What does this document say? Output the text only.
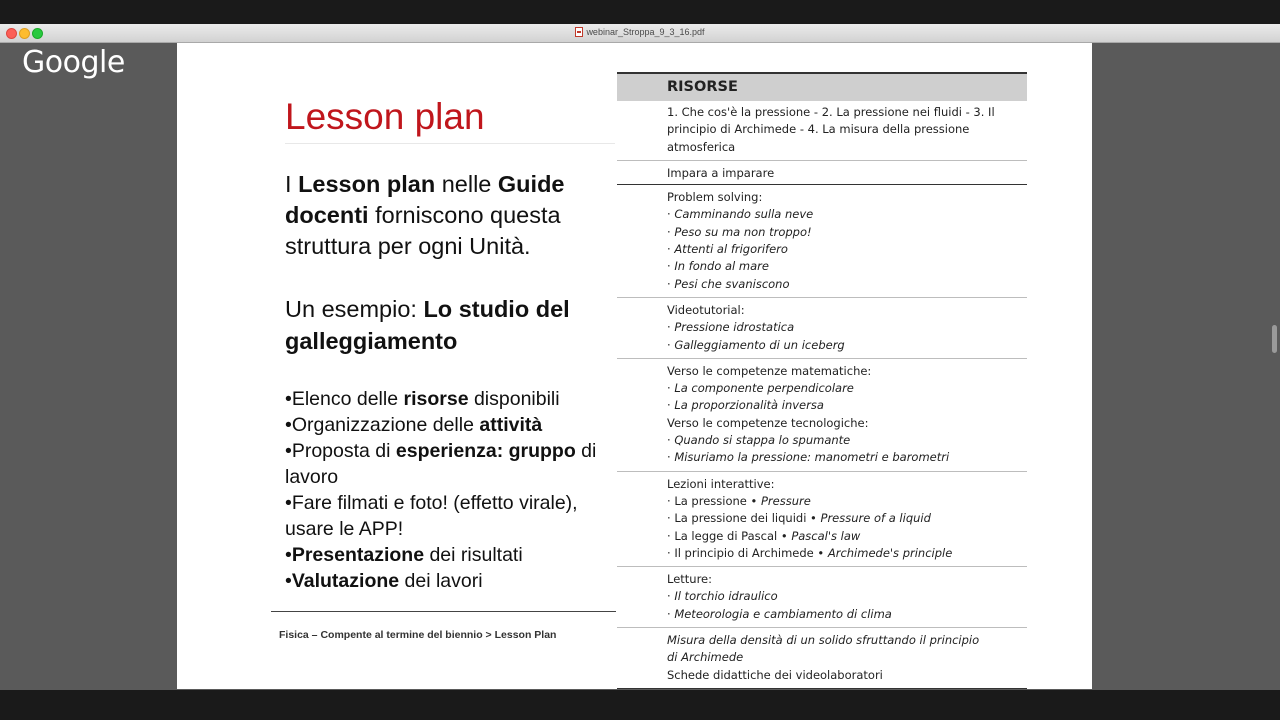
webinar_Stroppa_9_3_16.pdf
Google
Lesson plan
I Lesson plan nelle Guide docenti forniscono questa struttura per ogni Unità.
Un esempio: Lo studio del galleggiamento
•Elenco delle risorse disponibili
•Organizzazione delle attività
•Proposta di esperienza: gruppo di lavoro
•Fare filmati e foto! (effetto virale), usare le APP!
•Presentazione dei risultati
•Valutazione dei lavori
Fisica – Compente al termine del biennio > Lesson Plan
RISORSE
1. Che cos'è la pressione - 2. La pressione nei fluidi - 3. Il principio di Archimede - 4. La misura della pressione atmosferica
Impara a imparare
Problem solving:
· Camminando sulla neve
· Peso su ma non troppo!
· Attenti al frigorifero
· In fondo al mare
· Pesi che svaniscono
Videotutorial:
· Pressione idrostatica
· Galleggiamento di un iceberg
Verso le competenze matematiche:
· La componente perpendicolare
· La proporzionalità inversa
Verso le competenze tecnologiche:
· Quando si stappa lo spumante
· Misuriamo la pressione: manometri e barometri
Lezioni interattive:
· La pressione • Pressure
· La pressione dei liquidi • Pressure of a liquid
· La legge di Pascal • Pascal's law
· Il principio di Archimede • Archimede's principle
Letture:
· Il torchio idraulico
· Meteorologia e cambiamento di clima
Misura della densità di un solido sfruttando il principio di Archimede
Schede didattiche dei videolaboratori
